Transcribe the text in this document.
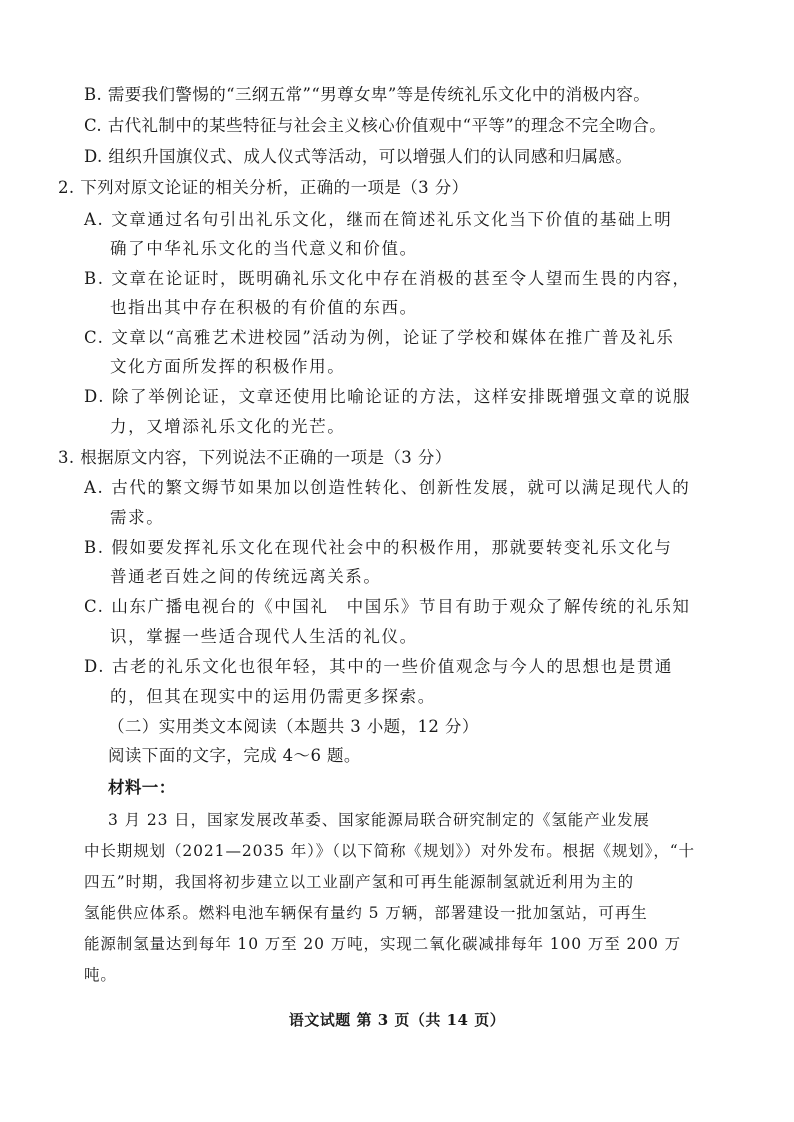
B. 需要我们警惕的“三纲五常”“男尊女卑”等是传统礼乐文化中的消极内容。
C. 古代礼制中的某些特征与社会主义核心价值观中“平等”的理念不完全吻合。
D. 组织升国旗仪式、成人仪式等活动，可以增强人们的认同感和归属感。
2. 下列对原文论证的相关分析，正确的一项是（3 分）
A. 文章通过名句引出礼乐文化，继而在简述礼乐文化当下价值的基础上明
确了中华礼乐文化的当代意义和价值。
B. 文章在论证时，既明确礼乐文化中存在消极的甚至令人望而生畏的内容，
也指出其中存在积极的有价值的东西。
C. 文章以“高雅艺术进校园”活动为例，论证了学校和媒体在推广普及礼乐
文化方面所发挥的积极作用。
D. 除了举例论证，文章还使用比喻论证的方法，这样安排既增强文章的说服
力，又增添礼乐文化的光芒。
3. 根据原文内容，下列说法不正确的一项是（3 分）
A. 古代的繁文缛节如果加以创造性转化、创新性发展，就可以满足现代人的
需求。
B. 假如要发挥礼乐文化在现代社会中的积极作用，那就要转变礼乐文化与
普通老百姓之间的传统远离关系。
C. 山东广播电视台的《中国礼　中国乐》节目有助于观众了解传统的礼乐知
识，掌握一些适合现代人生活的礼仪。
D. 古老的礼乐文化也很年轻，其中的一些价值观念与今人的思想也是贯通
的，但其在现实中的运用仍需更多探索。
（二）实用类文本阅读（本题共 3 小题，12 分）
阅读下面的文字，完成 4～6 题。
材料一：
3 月 23 日，国家发展改革委、国家能源局联合研究制定的《氢能产业发展
中长期规划（2021—2035 年）》（以下简称《规划》）对外发布。根据《规划》，“十
四五”时期，我国将初步建立以工业副产氢和可再生能源制氢就近利用为主的
氢能供应体系。燃料电池车辆保有量约 5 万辆，部署建设一批加氢站，可再生
能源制氢量达到每年 10 万至 20 万吨，实现二氧化碳减排每年 100 万至 200 万
吨。
语文试题 第 3 页（共 14 页）
